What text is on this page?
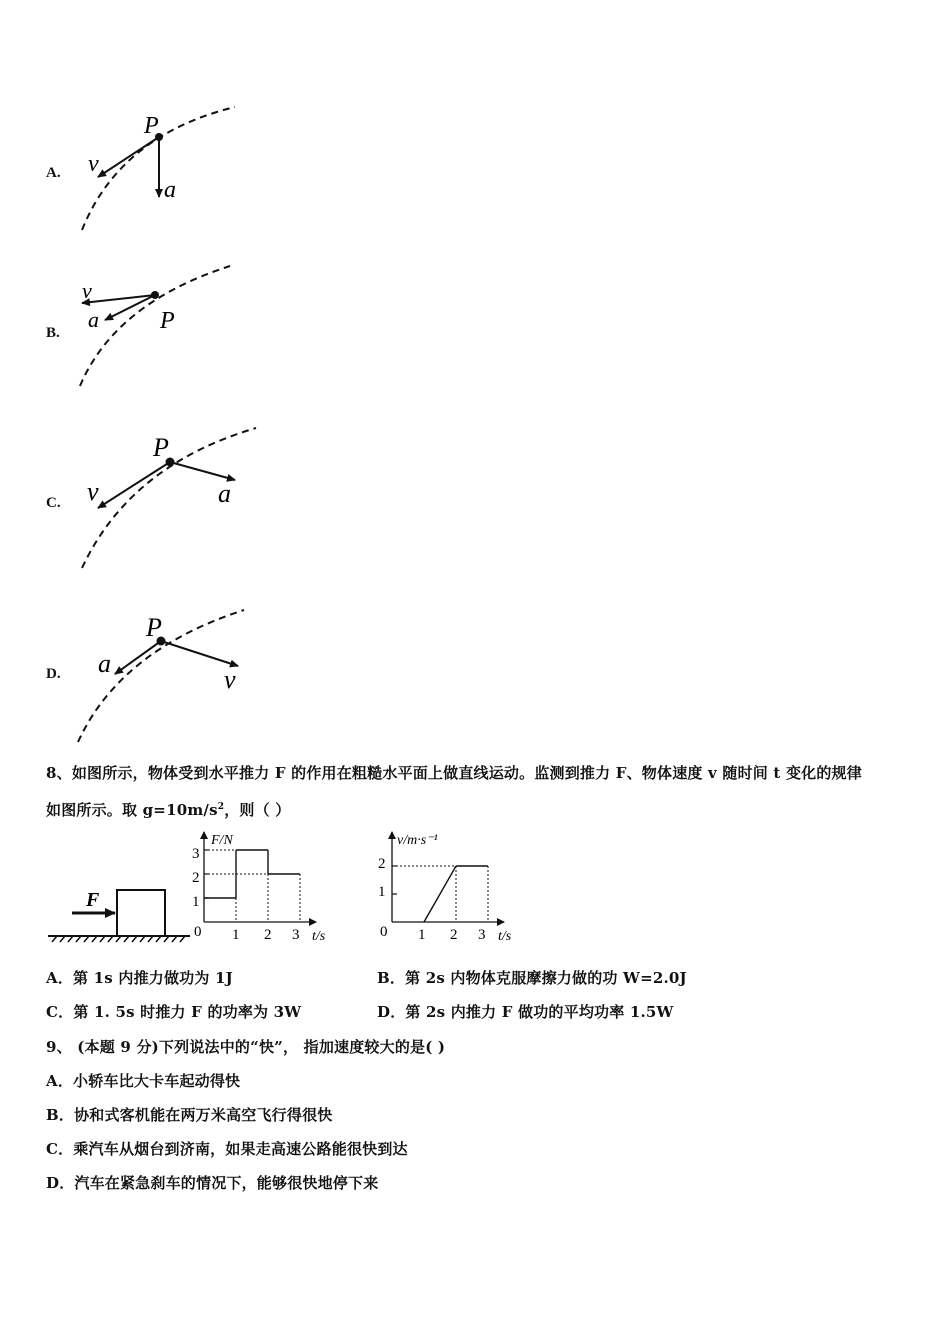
A.
P
v
a
B.
v
a	P
C.
P
v	a
D.
P
a
v
8、如图所示，物体受到水平推力 F 的作用在粗糙水平面上做直线运动。监测到推力 F、物体速度 v 随时间 t 变化的规律
如图所示。取 $g=10m/s^2$，则（ ）
F
F/N
t/s
0
1
2
3
1 2 3
v/m·s⁻¹
t/s
0
1
2
1 2 3
A．第 1s 内推力做功为 1J	B．第 2s 内物体克服摩擦力做的功 W=2.0J
C．第 1. 5s 时推力 F 的功率为 3W	D．第 2s 内推力 F 做功的平均功率 1.5W
9、 (本题 9 分)下列说法中的“快”， 指加速度较大的是( )
A．小轿车比大卡车起动得快
B．协和式客机能在两万米高空飞行得很快
C．乘汽车从烟台到济南，如果走高速公路能很快到达
D．汽车在紧急刹车的情况下，能够很快地停下来
